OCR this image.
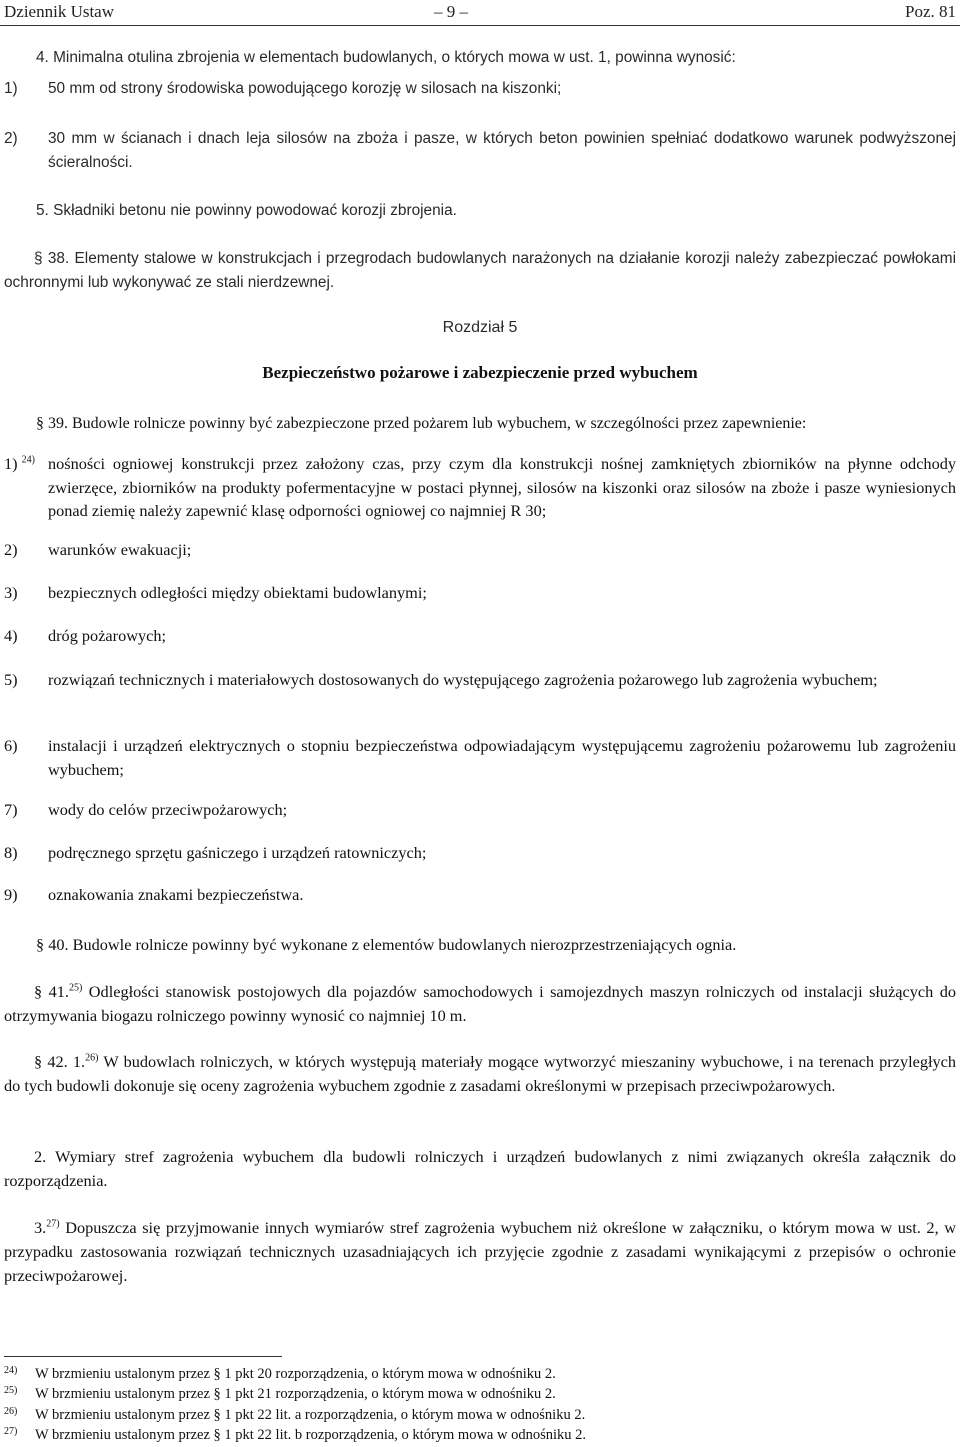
Dziennik Ustaw	– 9 –	Poz. 81
4. Minimalna otulina zbrojenia w elementach budowlanych, o których mowa w ust. 1, powinna wynosić:
1) 50 mm od strony środowiska powodującego korozję w silosach na kiszonki;
2) 30 mm w ścianach i dnach leja silosów na zboża i pasze, w których beton powinien spełniać dodatkowo warunek podwyższonej ścieralności.
5. Składniki betonu nie powinny powodować korozji zbrojenia.
§ 38. Elementy stalowe w konstrukcjach i przegrodach budowlanych narażonych na działanie korozji należy zabezpieczać powłokami ochronnymi lub wykonywać ze stali nierdzewnej.
Rozdział 5
Bezpieczeństwo pożarowe i zabezpieczenie przed wybuchem
§ 39. Budowle rolnicze powinny być zabezpieczone przed pożarem lub wybuchem, w szczególności przez zapewnienie:
1) $^{24)}$ nośności ogniowej konstrukcji przez założony czas, przy czym dla konstrukcji nośnej zamkniętych zbiorników na płynne odchody zwierzęce, zbiorników na produkty pofermentacyjne w postaci płynnej, silosów na kiszonki oraz silosów na zboże i pasze wyniesionych ponad ziemię należy zapewnić klasę odporności ogniowej co najmniej R 30;
2) warunków ewakuacji;
3) bezpiecznych odległości między obiektami budowlanymi;
4) dróg pożarowych;
5) rozwiązań technicznych i materiałowych dostosowanych do występującego zagrożenia pożarowego lub zagrożenia wybuchem;
6) instalacji i urządzeń elektrycznych o stopniu bezpieczeństwa odpowiadającym występującemu zagrożeniu pożarowemu lub zagrożeniu wybuchem;
7) wody do celów przeciwpożarowych;
8) podręcznego sprzętu gaśniczego i urządzeń ratowniczych;
9) oznakowania znakami bezpieczeństwa.
§ 40. Budowle rolnicze powinny być wykonane z elementów budowlanych nierozprzestrzeniających ognia.
§ 41.$^{25)}$ Odległości stanowisk postojowych dla pojazdów samochodowych i samojezdnych maszyn rolniczych od instalacji służących do otrzymywania biogazu rolniczego powinny wynosić co najmniej 10 m.
§ 42. 1.$^{26)}$ W budowlach rolniczych, w których występują materiały mogące wytworzyć mieszaniny wybuchowe, i na terenach przyległych do tych budowli dokonuje się oceny zagrożenia wybuchem zgodnie z zasadami określonymi w przepisach przeciwpożarowych.
2. Wymiary stref zagrożenia wybuchem dla budowli rolniczych i urządzeń budowlanych z nimi związanych określa załącznik do rozporządzenia.
3.$^{27)}$ Dopuszcza się przyjmowanie innych wymiarów stref zagrożenia wybuchem niż określone w załączniku, o którym mowa w ust. 2, w przypadku zastosowania rozwiązań technicznych uzasadniających ich przyjęcie zgodnie z zasadami wynikającymi z przepisów o ochronie przeciwpożarowej.
24) W brzmieniu ustalonym przez § 1 pkt 20 rozporządzenia, o którym mowa w odnośniku 2.
25) W brzmieniu ustalonym przez § 1 pkt 21 rozporządzenia, o którym mowa w odnośniku 2.
26) W brzmieniu ustalonym przez § 1 pkt 22 lit. a rozporządzenia, o którym mowa w odnośniku 2.
27) W brzmieniu ustalonym przez § 1 pkt 22 lit. b rozporządzenia, o którym mowa w odnośniku 2.
